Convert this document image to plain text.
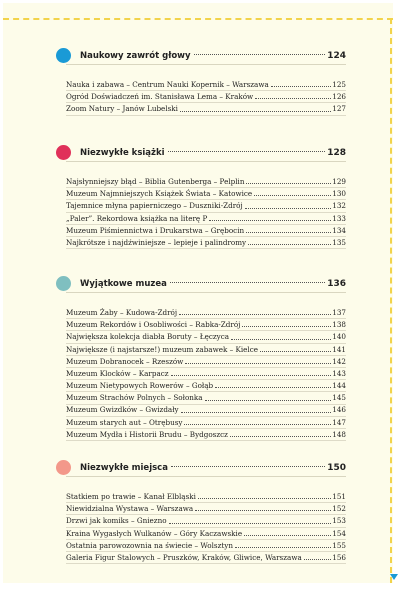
Naukowy zawrót głowy	124
Nauka i zabawa – Centrum Nauki Kopernik – Warszawa	125
Ogród Doświadczeń im. Stanisława Lema – Kraków	126
Zoom Natury – Janów Lubelski	127
Niezwykłe książki	128
Najsłynniejszy błąd – Biblia Gutenberga – Pelplin	129
Muzeum Najmniejszych Książek Świata – Katowice	130
Tajemnice młyna papierniczego – Duszniki-Zdrój	132
„Paler”. Rekordowa książka na literę P	133
Muzeum Piśmiennictwa i Drukarstwa – Grębocin	134
Najkrótsze i najdźwiniejsze – lepieje i palindromy	135
Wyjątkowe muzea	136
Muzeum Żaby – Kudowa-Zdrój	137
Muzeum Rekordów i Osobliwości – Rabka-Zdrój	138
Największa kolekcja diabła Boruty – Łęczyca	140
Największe (i najstarsze!) muzeum zabawek – Kielce	141
Muzeum Dobranocek – Rzeszów	142
Muzeum Klocków – Karpacz	143
Muzeum Nietypowych Rowerów – Gołąb	144
Muzeum Strachów Polnych – Sołonka	145
Muzeum Gwizdków – Gwizdały	146
Muzeum starych aut – Otrębusy	147
Muzeum Mydła i Historii Brudu – Bydgoszcz	148
Niezwykłe miejsca	150
Statkiem po trawie – Kanał Elbląski	151
Niewidzialna Wystawa – Warszawa	152
Drzwi jak komiks – Gniezno	153
Kraina Wygasłych Wulkanów – Góry Kaczawskie	154
Ostatnia parowozownia na świecie – Wolsztyn	155
Galeria Figur Stalowych – Pruszków, Kraków, Gliwice, Warszawa	156
